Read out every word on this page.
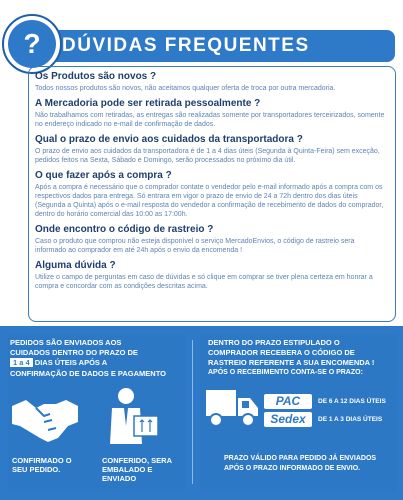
DÚVIDAS FREQUENTES
?

Os Produtos são novos ?

Todos nossos produtos são novos, não aceitamos qualquer oferta de troca por outra mercadoria.

A Mercadoria pode ser retirada pessoalmente ?

Não trabalhamos com retiradas, as entregas são realizadas somente por transportadores terceirizados, somente no endereço indicado no e-mail de confirmação de dados.

Qual o prazo de envio aos cuidados da transportadora ?

O prazo de envio aos cuidados da transportadora é de 1 a 4 dias úteis (Segunda à Quinta-Feira) sem exceção, pedidos feitos na Sexta, Sábado e Domingo, serão processados no próximo dia útil.

O que fazer após a compra ?

Após a compra é necessário que o comprador contate o vendedor pelo e-mail informado após a compra com os respectivos dados para entrega. Só entrara em vigor o prazo de envio de 24 a 72h dentro dos dias úteis (Segunda a Quinta) após o e-mail resposta do vendedor a confirmação de recebimento de dados do comprador, dentro do horário comercial das 10:00 as 17:00h.

Onde encontro o código de rastreio ?

Caso o produto que comprou não esteja disponível o serviço MercadoEnvios, o código de rastreio sera informado ao comprador em até 24h após o envio da encomenda !

Alguma dúvida ?

Utilize o campo de perguntas em caso de dúvidas e só clique em comprar se tiver plena certeza em honrar a compra e concordar com as condições descritas acima.

PEDIDOS SÃO ENVIADOS AOS

CUIDADOS DENTRO DO PRAZO DE

1 a 4 DIAS ÚTEIS APÓS A

CONFIRMAÇÃO DE DADOS E PAGAMENTO

CONFIRMADO O
SEU PEDIDO.

CONFERIDO, SERA
EMBALADO E ENVIADO

DENTRO DO PRAZO ESTIPULADO O

COMPRADOR RECEBERA O CÓDIGO DE

RASTREIO REFERENTE A SUA ENCOMENDA !

APÓS O RECEBIMENTO CONTA-SE O PRAZO:

PAC	DE 6 A 12 DIAS ÚTEIS
Sedex	DE 1 A 3 DIAS ÚTEIS

PRAZO VÁLIDO PARA PEDIDO JÁ ENVIADOS

APÓS O PRAZO INFORMADO DE ENVIO.
